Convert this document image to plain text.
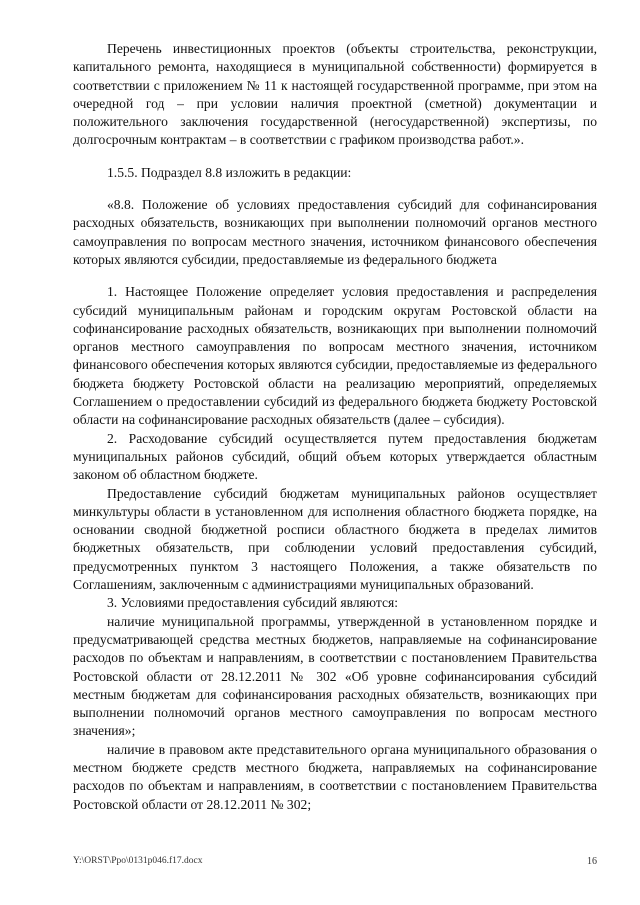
Перечень инвестиционных проектов (объекты строительства, реконструкции, капитального ремонта, находящиеся в муниципальной собственности) формируется в соответствии с приложением № 11 к настоящей государственной программе, при этом на очередной год – при условии наличия проектной (сметной) документации и положительного заключения государственной (негосударственной) экспертизы, по долгосрочным контрактам – в соответствии с графиком производства работ.».

1.5.5. Подраздел 8.8 изложить в редакции:

«8.8. Положение об условиях предоставления субсидий для софинансирования расходных обязательств, возникающих при выполнении полномочий органов местного самоуправления по вопросам местного значения, источником финансового обеспечения которых являются субсидии, предоставляемые из федерального бюджета

1. Настоящее Положение определяет условия предоставления и распределения субсидий муниципальным районам и городским округам Ростовской области на софинансирование расходных обязательств, возникающих при выполнении полномочий органов местного самоуправления по вопросам местного значения, источником финансового обеспечения которых являются субсидии, предоставляемые из федерального бюджета бюджету Ростовской области на реализацию мероприятий, определяемых Соглашением о предоставлении субсидий из федерального бюджета бюджету Ростовской области на софинансирование расходных обязательств (далее – субсидия).

2. Расходование субсидий осуществляется путем предоставления бюджетам муниципальных районов субсидий, общий объем которых утверждается областным законом об областном бюджете.

Предоставление субсидий бюджетам муниципальных районов осуществляет минкультуры области в установленном для исполнения областного бюджета порядке, на основании сводной бюджетной росписи областного бюджета в пределах лимитов бюджетных обязательств, при соблюдении условий предоставления субсидий, предусмотренных пунктом 3 настоящего Положения, а также обязательств по Соглашениям, заключенным с администрациями муниципальных образований.

3. Условиями предоставления субсидий являются:

наличие муниципальной программы, утвержденной в установленном порядке и предусматривающей средства местных бюджетов, направляемые на софинансирование расходов по объектам и направлениям, в соответствии с постановлением Правительства Ростовской области от 28.12.2011 № 302 «Об уровне софинансирования субсидий местным бюджетам для софинансирования расходных обязательств, возникающих при выполнении полномочий органов местного самоуправления по вопросам местного значения»;

наличие в правовом акте представительного органа муниципального образования о местном бюджете средств местного бюджета, направляемых на софинансирование расходов по объектам и направлениям, в соответствии с постановлением Правительства Ростовской области от 28.12.2011 № 302;

Y:\ORST\Ppo\0131p046.f17.docx	16
